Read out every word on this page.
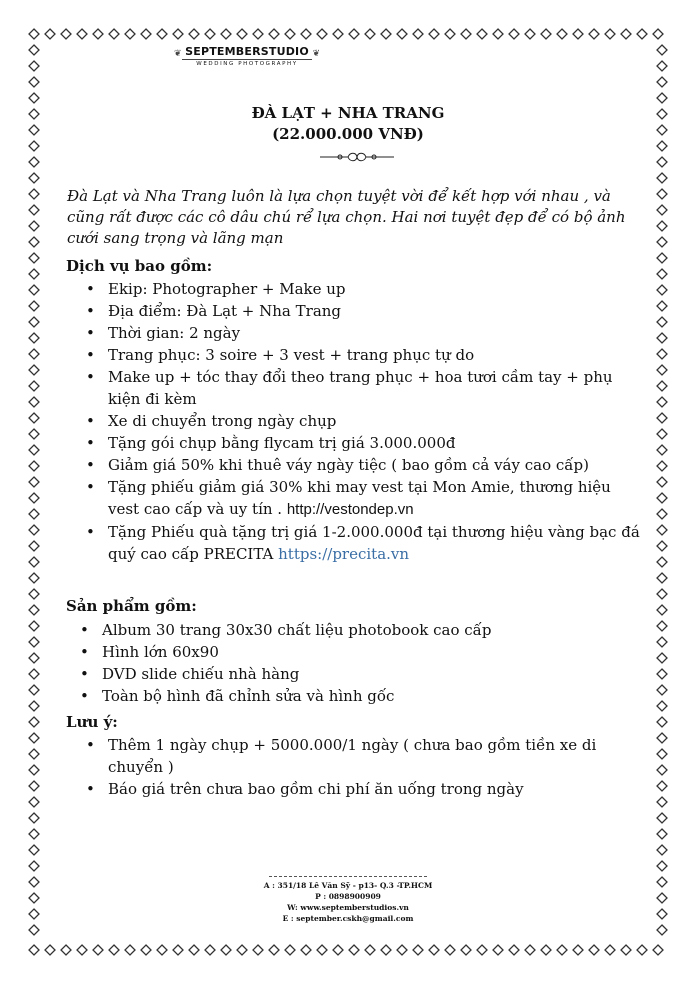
❦ SEPTEMBERSTUDIO
WEDDING PHOTOGRAPHY
❦
ĐÀ LẠT + NHA TRANG
(22.000.000 VNĐ)
Đà Lạt và Nha Trang luôn là lựa chọn tuyệt vời để kết hợp với nhau , và cũng rất được các cô dâu chú rể lựa chọn. Hai nơi tuyệt đẹp để có bộ ảnh cưới sang trọng và lãng mạn
Dịch vụ bao gồm:
• Ekip: Photographer + Make up
• Địa điểm: Đà Lạt + Nha Trang
• Thời gian: 2 ngày
• Trang phục: 3 soire + 3 vest + trang phục tự do
• Make up + tóc thay đổi theo trang phục + hoa tươi cầm tay + phụ kiện đi kèm
• Xe di chuyển trong ngày chụp
• Tặng gói chụp bằng flycam trị giá 3.000.000đ
• Giảm giá 50% khi thuê váy ngày tiệc ( bao gồm cả váy cao cấp)
• Tặng phiếu giảm giá 30% khi may vest tại Mon Amie, thương hiệu vest cao cấp và uy tín . http://vestondep.vn
• Tặng Phiếu quà tặng trị giá 1-2.000.000đ tại thương hiệu vàng bạc đá quý cao cấp PRECITA https://precita.vn
Sản phẩm gồm:
• Album 30 trang 30x30 chất liệu photobook cao cấp
• Hình lớn 60x90
• DVD slide chiếu nhà hàng
• Toàn bộ hình đã chỉnh sửa và hình gốc
Lưu ý:
• Thêm 1 ngày chụp + 5000.000/1 ngày ( chưa bao gồm tiền xe di chuyển )
• Báo giá trên chưa bao gồm chi phí ăn uống trong ngày
A : 351/18 Lê Văn Sỹ - p13- Q.3 -TP.HCM
P : 0898900909
W: www.septemberstudios.vn
E : september.cskh@gmail.com
